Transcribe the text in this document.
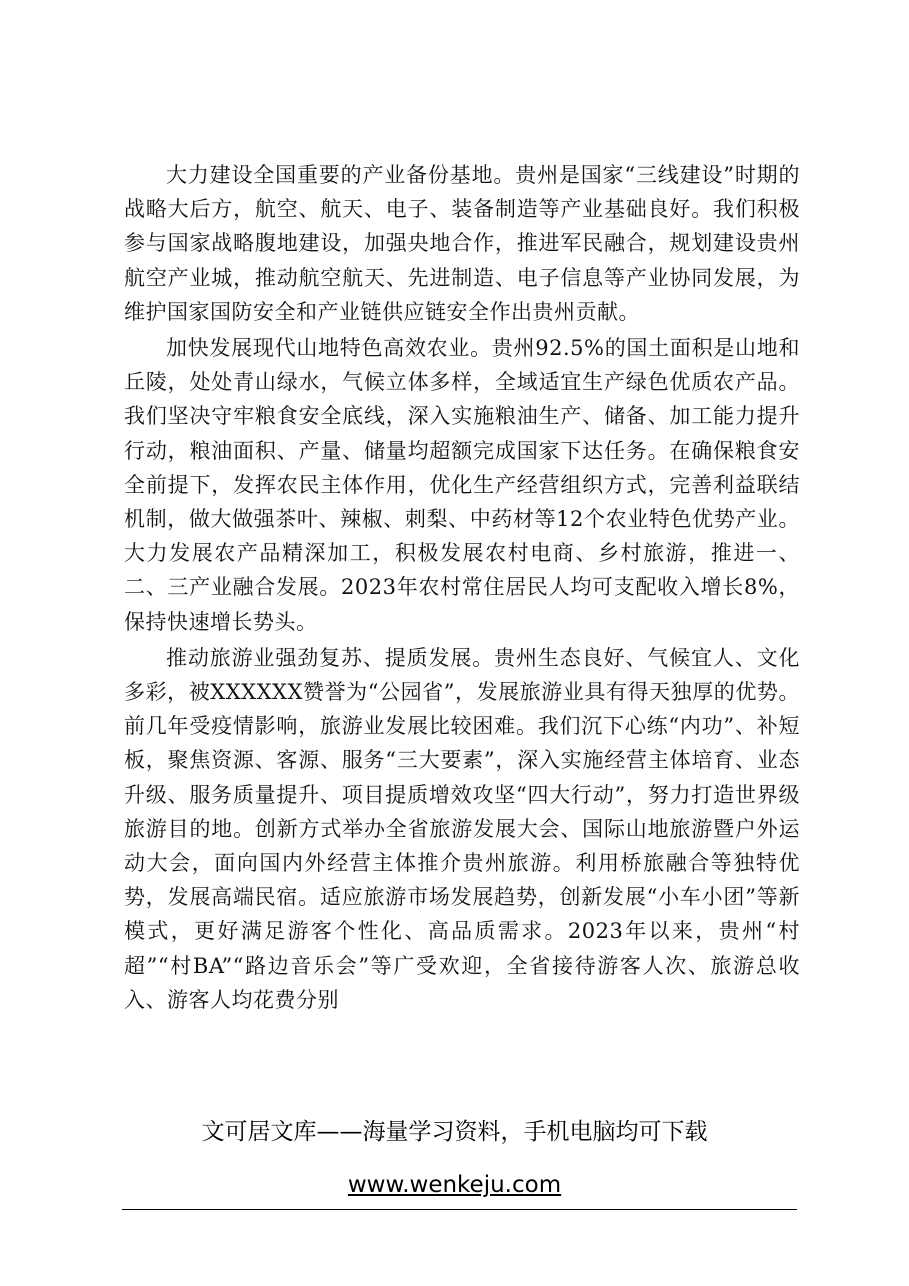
大力建设全国重要的产业备份基地。贵州是国家“三线建设”时期的战略大后方，航空、航天、电子、装备制造等产业基础良好。我们积极参与国家战略腹地建设，加强央地合作，推进军民融合，规划建设贵州航空产业城，推动航空航天、先进制造、电子信息等产业协同发展，为维护国家国防安全和产业链供应链安全作出贵州贡献。

加快发展现代山地特色高效农业。贵州92.5%的国土面积是山地和丘陵，处处青山绿水，气候立体多样，全域适宜生产绿色优质农产品。我们坚决守牢粮食安全底线，深入实施粮油生产、储备、加工能力提升行动，粮油面积、产量、储量均超额完成国家下达任务。在确保粮食安全前提下，发挥农民主体作用，优化生产经营组织方式，完善利益联结机制，做大做强茶叶、辣椒、刺梨、中药材等12个农业特色优势产业。大力发展农产品精深加工，积极发展农村电商、乡村旅游，推进一、二、三产业融合发展。2023年农村常住居民人均可支配收入增长8%，保持快速增长势头。

推动旅游业强劲复苏、提质发展。贵州生态良好、气候宜人、文化多彩，被XXXXXX赞誉为“公园省”，发展旅游业具有得天独厚的优势。前几年受疫情影响，旅游业发展比较困难。我们沉下心练“内功”、补短板，聚焦资源、客源、服务“三大要素”，深入实施经营主体培育、业态升级、服务质量提升、项目提质增效攻坚“四大行动”，努力打造世界级旅游目的地。创新方式举办全省旅游发展大会、国际山地旅游暨户外运动大会，面向国内外经营主体推介贵州旅游。利用桥旅融合等独特优势，发展高端民宿。适应旅游市场发展趋势，创新发展“小车小团”等新模式，更好满足游客个性化、高品质需求。2023年以来，贵州“村超”“村BA”“路边音乐会”等广受欢迎，全省接待游客人次、旅游总收入、游客人均花费分别

文可居文库——海量学习资料，手机电脑均可下载
www.wenkeju.com
